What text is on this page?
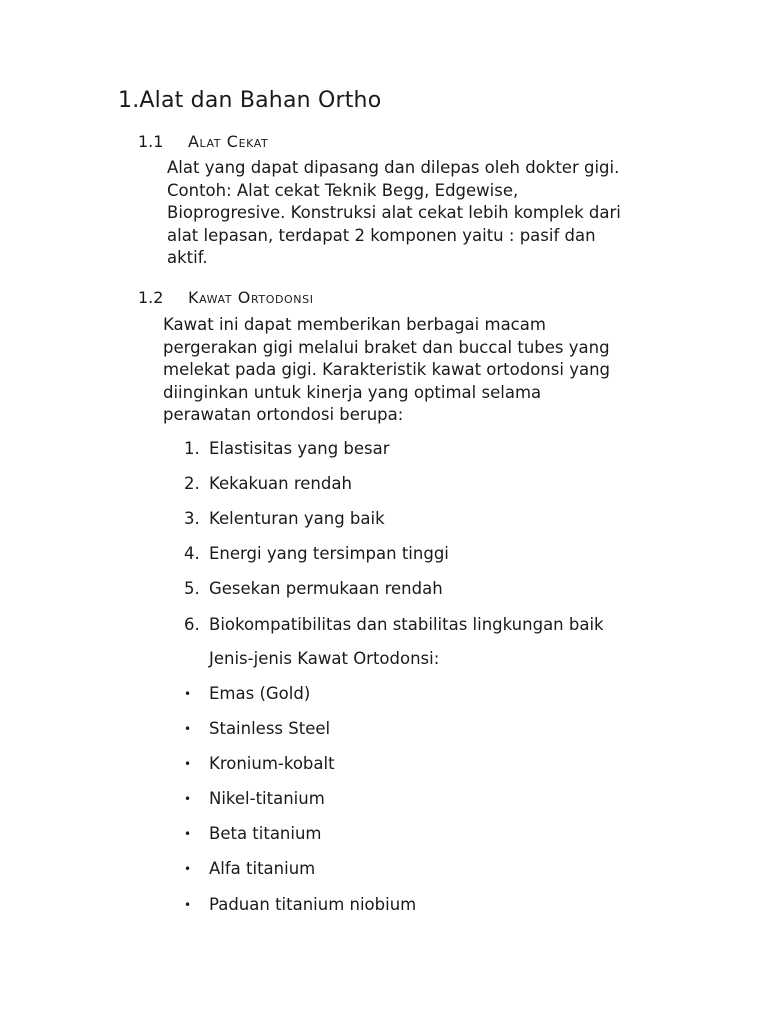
1.Alat dan Bahan Ortho
1.1 Alat Cekat
Alat yang dapat dipasang dan dilepas oleh dokter gigi.
Contoh: Alat cekat Teknik Begg, Edgewise,
Bioprogresive. Konstruksi alat cekat lebih komplek dari
alat lepasan, terdapat 2 komponen yaitu : pasif dan
aktif.
1.2 Kawat Ortodonsi
Kawat ini dapat memberikan berbagai macam
pergerakan gigi melalui braket dan buccal tubes yang
melekat pada gigi. Karakteristik kawat ortodonsi yang
diinginkan untuk kinerja yang optimal selama
perawatan ortondosi berupa:
1. Elastisitas yang besar
2. Kekakuan rendah
3. Kelenturan yang baik
4. Energi yang tersimpan tinggi
5. Gesekan permukaan rendah
6. Biokompatibilitas dan stabilitas lingkungan baik
Jenis-jenis Kawat Ortodonsi:
• Emas (Gold)
• Stainless Steel
• Kronium-kobalt
• Nikel-titanium
• Beta titanium
• Alfa titanium
• Paduan titanium niobium
